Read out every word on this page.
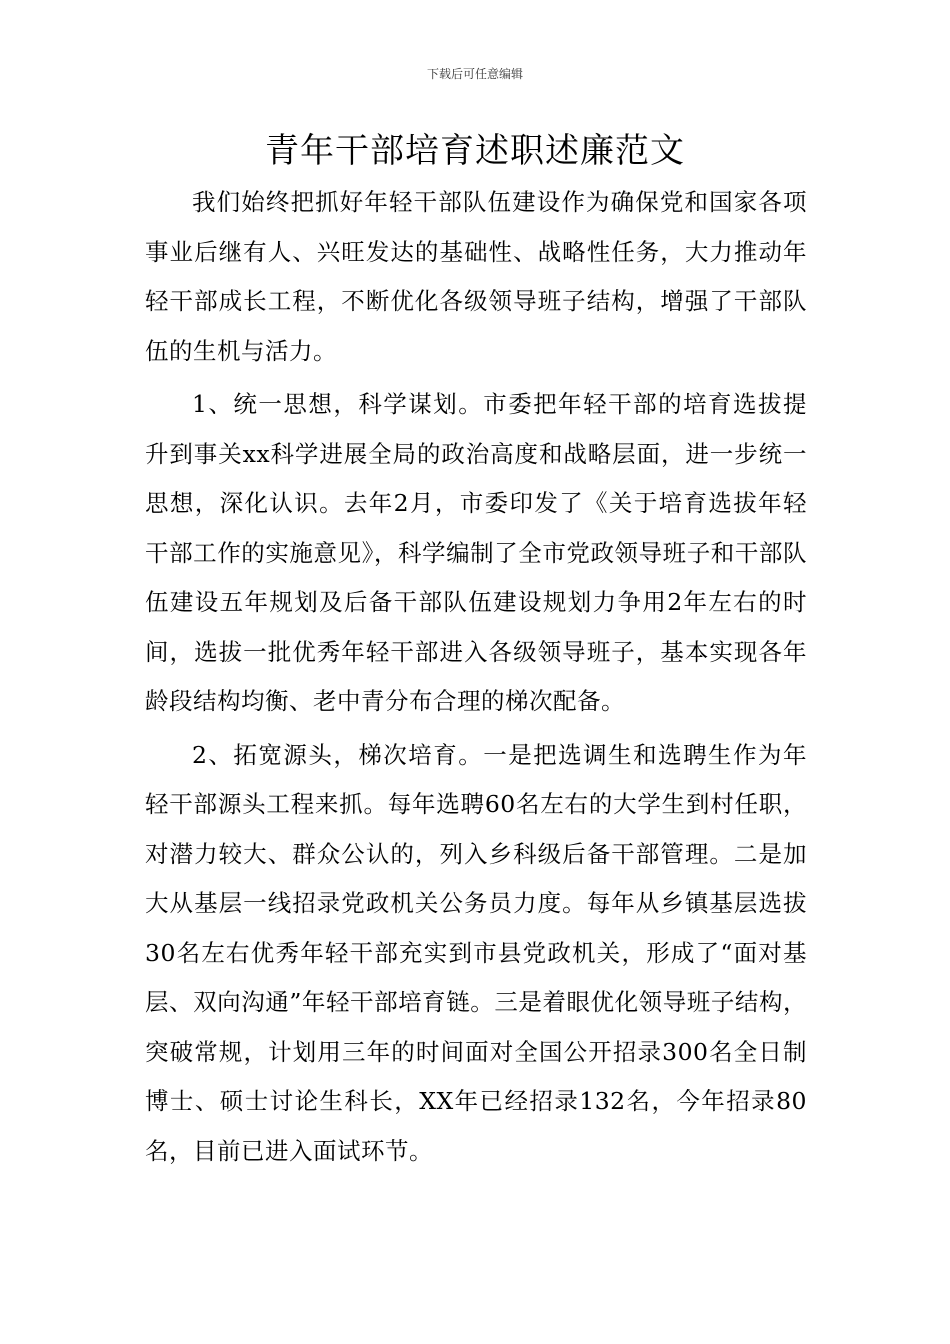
下载后可任意编辑
青年干部培育述职述廉范文

我们始终把抓好年轻干部队伍建设作为确保党和国家各项事业后继有人、兴旺发达的基础性、战略性任务，大力推动年轻干部成长工程，不断优化各级领导班子结构，增强了干部队伍的生机与活力。

1、统一思想，科学谋划。市委把年轻干部的培育选拔提升到事关xx科学进展全局的政治高度和战略层面，进一步统一思想，深化认识。去年2月，市委印发了《关于培育选拔年轻干部工作的实施意见》，科学编制了全市党政领导班子和干部队伍建设五年规划及后备干部队伍建设规划力争用2年左右的时间，选拔一批优秀年轻干部进入各级领导班子，基本实现各年龄段结构均衡、老中青分布合理的梯次配备。

2、拓宽源头，梯次培育。一是把选调生和选聘生作为年轻干部源头工程来抓。每年选聘60名左右的大学生到村任职，对潜力较大、群众公认的，列入乡科级后备干部管理。二是加大从基层一线招录党政机关公务员力度。每年从乡镇基层选拔30名左右优秀年轻干部充实到市县党政机关，形成了“面对基层、双向沟通”年轻干部培育链。三是着眼优化领导班子结构，突破常规，计划用三年的时间面对全国公开招录300名全日制博士、硕士讨论生科长，XX年已经招录132名，今年招录80名，目前已进入面试环节。
